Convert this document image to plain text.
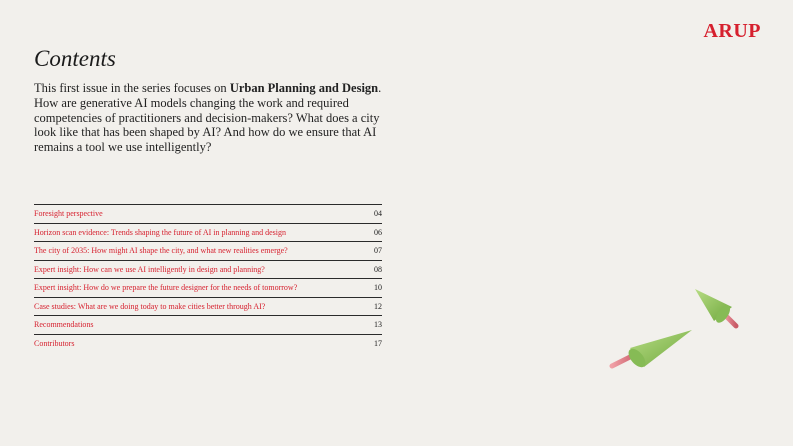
ARUP
Contents
This first issue in the series focuses on Urban Planning and Design. How are generative AI models changing the work and required competencies of practitioners and decision-makers? What does a city look like that has been shaped by AI? And how do we ensure that AI remains a tool we use intelligently?
Foresight perspective	04
Horizon scan evidence: Trends shaping the future of AI in planning and design	06
The city of 2035: How might AI shape the city, and what new realities emerge?	07
Expert insight: How can we use AI intelligently in design and planning?	08
Expert insight: How do we prepare the future designer for the needs of tomorrow?	10
Case studies: What are we doing today to make cities better through AI?	12
Recommendations	13
Contributors	17
